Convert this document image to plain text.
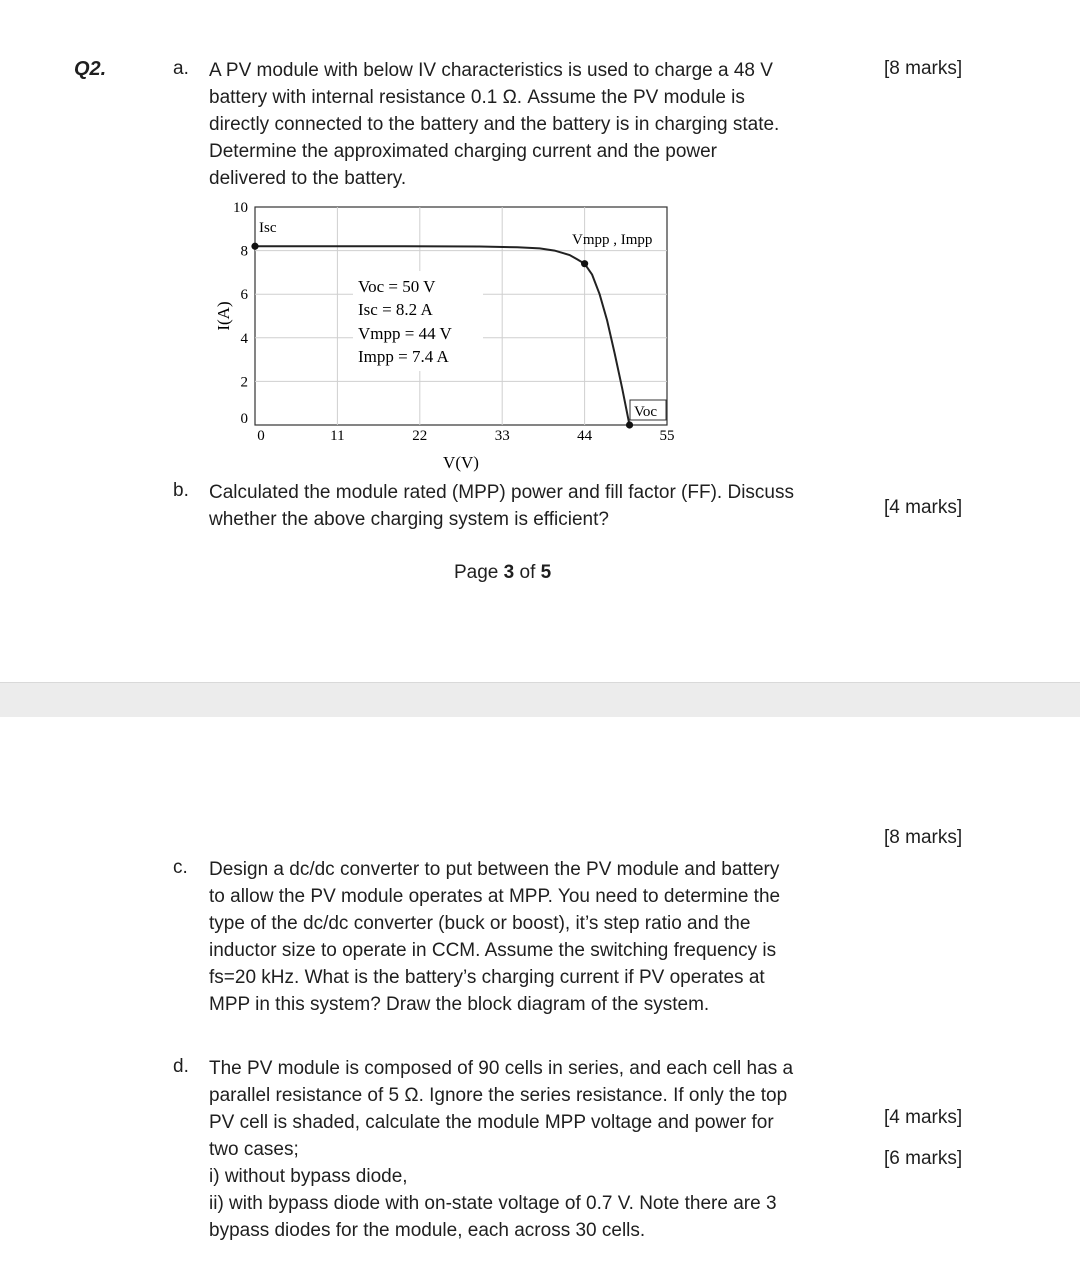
Q2.	a. A PV module with below IV characteristics is used to charge a 48 V
battery with internal resistance 0.1 Ω. Assume the PV module is
directly connected to the battery and the battery is in charging state.
Determine the approximated charging current and the power
delivered to the battery.
[8 marks]
0
2
4
6
8
10
0	11	22	33	44	55
Isc
Vmpp , Impp
Voc
Voc = 50 V
Isc = 8.2 A
Vmpp = 44 V
Impp = 7.4 A
V(V)
I(A)
b. Calculated the module rated (MPP) power and fill factor (FF). Discuss
whether the above charging system is efficient?
[4 marks]
Page 3 of 5
[8 marks]
c. Design a dc/dc converter to put between the PV module and battery
to allow the PV module operates at MPP. You need to determine the
type of the dc/dc converter (buck or boost), it’s step ratio and the
inductor size to operate in CCM. Assume the switching frequency is
fs=20 kHz. What is the battery’s charging current if PV operates at
MPP in this system? Draw the block diagram of the system.
d. The PV module is composed of 90 cells in series, and each cell has a
parallel resistance of 5 Ω. Ignore the series resistance. If only the top
PV cell is shaded, calculate the module MPP voltage and power for
two cases;
i) without bypass diode,
ii) with bypass diode with on-state voltage of 0.7 V. Note there are 3
bypass diodes for the module, each across 30 cells.
[4 marks]
[6 marks]
